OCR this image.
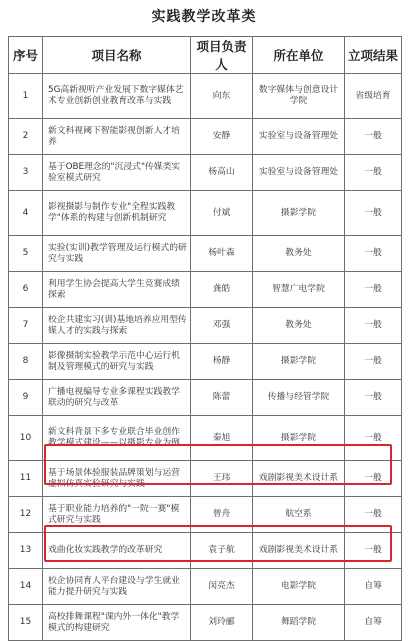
实践教学改革类
序号	项目名称	项目负责人	所在单位	立项结果
1	5G高新视听产业发展下数字媒体艺术专业创新创业教育改革与实践	向东	数字媒体与创意设计学院	省级培育
2	新文科视阈下智能影视创新人才培养	安静	实验室与设备管理处	一般
3	基于OBE理念的"沉浸式"传媒类实验室模式研究	杨高山	实验室与设备管理处	一般
4	影视摄影与制作专业"全程实践教学"体系的构建与创新机制研究	付斌	摄影学院	一般
5	实验(实训)教学管理及运行模式的研究与实践	杨叶森	教务处	一般
6	利用学生协会提高大学生竞赛成绩探索	龚皓	智慧广电学院	一般
7	校企共建实习(训)基地培养应用型传媒人才的实践与探索	邓强	教务处	一般
8	影像摄制实验教学示范中心运行机制及管理模式的研究与实践	杨静	摄影学院	一般
9	广播电视编导专业多课程实践教学联动的研究与改革	陈蕾	传播与经管学院	一般
10	新文科背景下多专业联合毕业创作教学模式建设——以摄影专业为例	秦旭	摄影学院	一般
11	基于场景体验服装品牌策划与运营虚拟仿真实验研究与实践	王玮	戏剧影视美术设计系	一般
12	基于职业能力培养的"一院一赛"模式研究与实践	曾舟	航空系	一般
13	戏曲化妆实践教学的改革研究	袁子航	戏剧影视美术设计系	一般
14	校企协同育人平台建设与学生就业能力提升研究与实践	闵亮杰	电影学院	自筹
15	高校排舞课程"课内外一体化"教学模式的构建研究	刘玲郦	舞蹈学院	自筹
